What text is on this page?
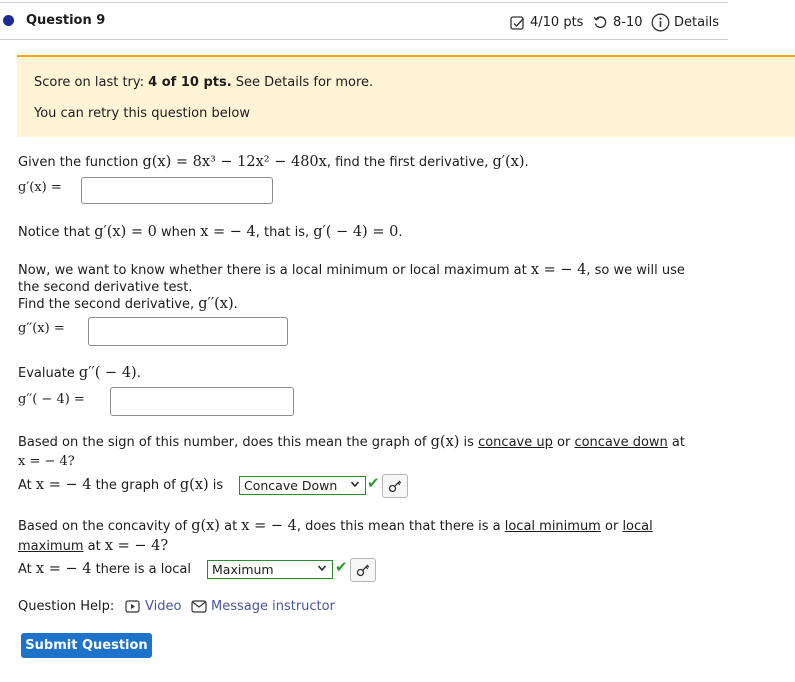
Question 9	4/10 pts 8-10 Details
Score on last try: 4 of 10 pts. See Details for more.
You can retry this question below
Given the function g(x) = 8x³ − 12x² − 480x, find the first derivative, g′(x).
g′(x) =
Notice that g′(x) = 0 when x = − 4, that is, g′( − 4) = 0.
Now, we want to know whether there is a local minimum or local maximum at x = − 4, so we will use
the second derivative test.
Find the second derivative, g′′(x).
g′′(x) =
Evaluate g′′( − 4).
g′′( − 4) =
Based on the sign of this number, does this mean the graph of g(x) is concave up or concave down at
x = − 4?
At x = − 4 the graph of g(x) is	Concave Down	✔
Based on the concavity of g(x) at x = − 4, does this mean that there is a local minimum or local
maximum at x = − 4?
At x = − 4 there is a local	Maximum	✔
Question Help: Video Message instructor
Submit Question
